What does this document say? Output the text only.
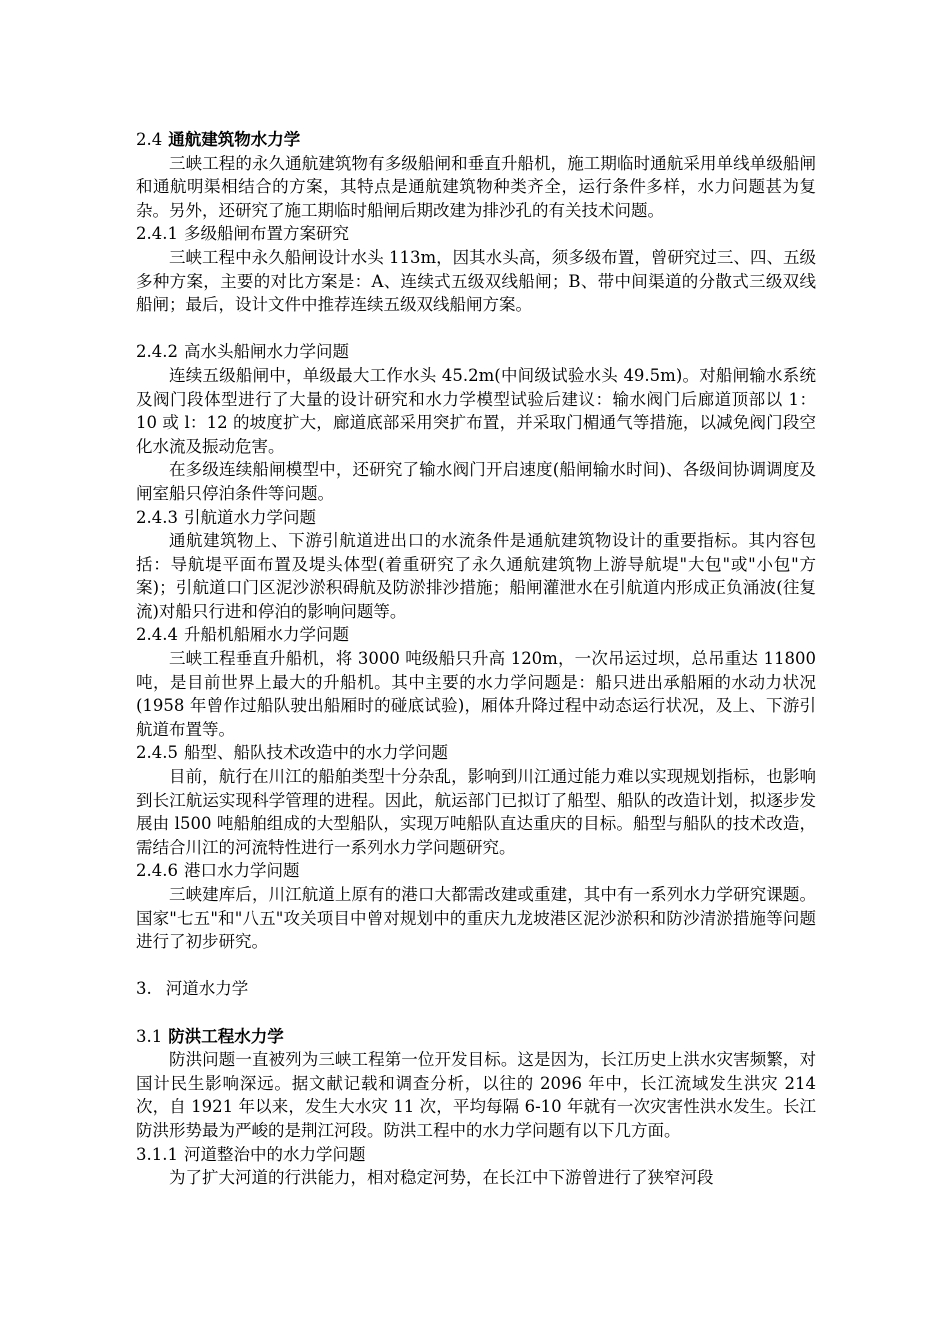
2.4 通航建筑物水力学

三峡工程的永久通航建筑物有多级船闸和垂直升船机，施工期临时通航采用单线单级船闸和通航明渠相结合的方案，其特点是通航建筑物种类齐全，运行条件多样，水力问题甚为复杂。另外，还研究了施工期临时船闸后期改建为排沙孔的有关技术问题。

2.4.1 多级船闸布置方案研究

三峡工程中永久船闸设计水头 113m，因其水头高，须多级布置，曾研究过三、四、五级多种方案，主要的对比方案是：A、连续式五级双线船闸；B、带中间渠道的分散式三级双线船闸；最后，设计文件中推荐连续五级双线船闸方案。

2.4.2 高水头船闸水力学问题

连续五级船闸中，单级最大工作水头 45.2m(中间级试验水头 49.5m)。对船闸输水系统及阀门段体型进行了大量的设计研究和水力学模型试验后建议：输水阀门后廊道顶部以 1：10 或 l：12 的坡度扩大，廊道底部采用突扩布置，并采取门楣通气等措施，以减免阀门段空化水流及振动危害。

在多级连续船闸模型中，还研究了输水阀门开启速度(船闸输水时间)、各级间协调调度及闸室船只停泊条件等问题。

2.4.3 引航道水力学问题

通航建筑物上、下游引航道进出口的水流条件是通航建筑物设计的重要指标。其内容包括：导航堤平面布置及堤头体型(着重研究了永久通航建筑物上游导航堤"大包"或"小包"方案)；引航道口门区泥沙淤积碍航及防淤排沙措施；船闸灌泄水在引航道内形成正负涌波(往复流)对船只行进和停泊的影响问题等。

2.4.4 升船机船厢水力学问题

三峡工程垂直升船机，将 3000 吨级船只升高 120m，一次吊运过坝，总吊重达 11800 吨，是目前世界上最大的升船机。其中主要的水力学问题是：船只进出承船厢的水动力状况(1958 年曾作过船队驶出船厢时的碰底试验)，厢体升降过程中动态运行状况，及上、下游引航道布置等。

2.4.5 船型、船队技术改造中的水力学问题

目前，航行在川江的船舶类型十分杂乱，影响到川江通过能力难以实现规划指标，也影响到长江航运实现科学管理的进程。因此，航运部门已拟订了船型、船队的改造计划，拟逐步发展由 l500 吨船舶组成的大型船队，实现万吨船队直达重庆的目标。船型与船队的技术改造，需结合川江的河流特性进行一系列水力学问题研究。

2.4.6 港口水力学问题

三峡建库后，川江航道上原有的港口大都需改建或重建，其中有一系列水力学研究课题。国家"七五"和"八五"攻关项目中曾对规划中的重庆九龙坡港区泥沙淤积和防沙清淤措施等问题进行了初步研究。

3. 河道水力学

3.1 防洪工程水力学

防洪问题一直被列为三峡工程第一位开发目标。这是因为，长江历史上洪水灾害频繁，对国计民生影响深远。据文献记载和调查分析，以往的 2096 年中，长江流域发生洪灾 214 次，自 1921 年以来，发生大水灾 11 次，平均每隔 6-10 年就有一次灾害性洪水发生。长江防洪形势最为严峻的是荆江河段。防洪工程中的水力学问题有以下几方面。

3.1.1 河道整治中的水力学问题

为了扩大河道的行洪能力，相对稳定河势，在长江中下游曾进行了狭窄河段
